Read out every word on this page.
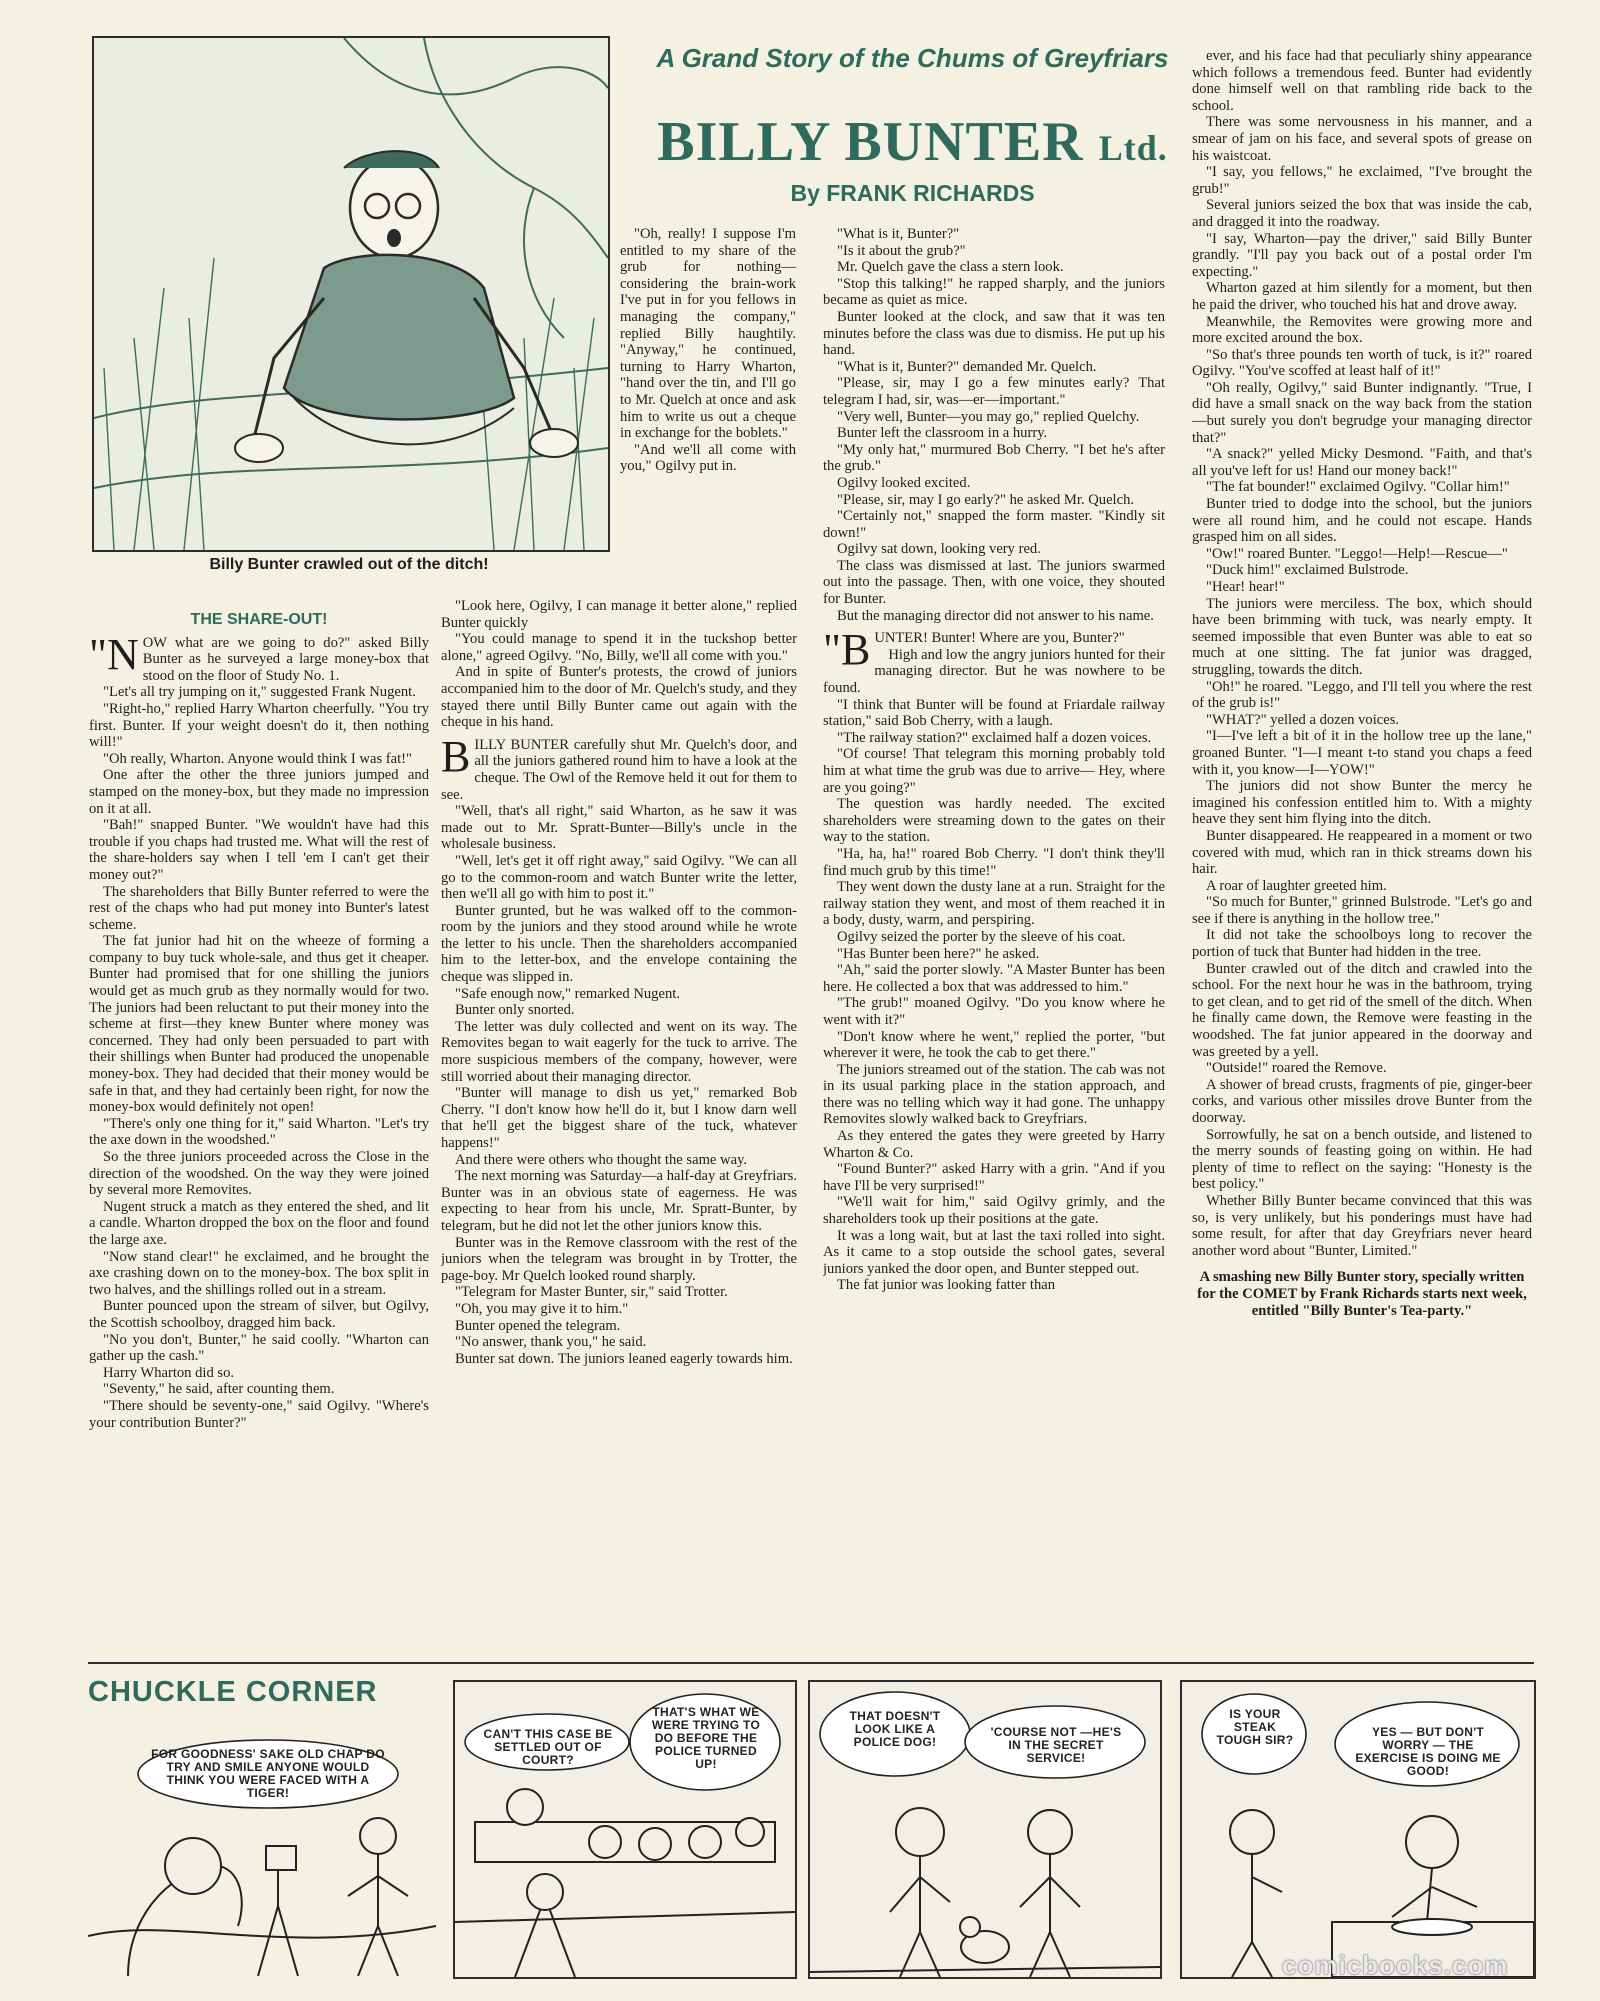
Billy Bunter crawled out of the ditch!
A Grand Story of the Chums of Greyfriars
BILLY BUNTER Ltd.
By FRANK RICHARDS

"Oh, really! I suppose I'm entitled to my share of the grub for nothing—considering the brain-work I've put in for you fellows in managing the company," replied Billy haughtily. "Anyway," he continued, turning to Harry Wharton, "hand over the tin, and I'll go to Mr. Quelch at once and ask him to write us out a cheque in exchange for the boblets."

"And we'll all come with you," Ogilvy put in.

THE SHARE-OUT!

"NOW what are we going to do?" asked Billy Bunter as he surveyed a large money-box that stood on the floor of Study No. 1.

"Let's all try jumping on it," suggested Frank Nugent.

"Right-ho," replied Harry Wharton cheerfully. "You try first. Bunter. If your weight doesn't do it, then nothing will!"

"Oh really, Wharton. Anyone would think I was fat!"

One after the other the three juniors jumped and stamped on the money-box, but they made no impression on it at all.

"Bah!" snapped Bunter. "We wouldn't have had this trouble if you chaps had trusted me. What will the rest of the share-holders say when I tell 'em I can't get their money out?"

The shareholders that Billy Bunter referred to were the rest of the chaps who had put money into Bunter's latest scheme.

The fat junior had hit on the wheeze of forming a company to buy tuck whole-sale, and thus get it cheaper. Bunter had promised that for one shilling the juniors would get as much grub as they normally would for two. The juniors had been reluctant to put their money into the scheme at first—they knew Bunter where money was concerned. They had only been persuaded to part with their shillings when Bunter had produced the unopenable money-box. They had decided that their money would be safe in that, and they had certainly been right, for now the money-box would definitely not open!

"There's only one thing for it," said Wharton. "Let's try the axe down in the woodshed."

So the three juniors proceeded across the Close in the direction of the woodshed. On the way they were joined by several more Removites.

Nugent struck a match as they entered the shed, and lit a candle. Wharton dropped the box on the floor and found the large axe.

"Now stand clear!" he exclaimed, and he brought the axe crashing down on to the money-box. The box split in two halves, and the shillings rolled out in a stream.

Bunter pounced upon the stream of silver, but Ogilvy, the Scottish schoolboy, dragged him back.

"No you don't, Bunter," he said coolly. "Wharton can gather up the cash."

Harry Wharton did so.

"Seventy," he said, after counting them.

"There should be seventy-one," said Ogilvy. "Where's your contribution Bunter?"

"Look here, Ogilvy, I can manage it better alone," replied Bunter quickly

"You could manage to spend it in the tuckshop better alone," agreed Ogilvy. "No, Billy, we'll all come with you."

And in spite of Bunter's protests, the crowd of juniors accompanied him to the door of Mr. Quelch's study, and they stayed there until Billy Bunter came out again with the cheque in his hand.

BILLY BUNTER carefully shut Mr. Quelch's door, and all the juniors gathered round him to have a look at the cheque. The Owl of the Remove held it out for them to see.

"Well, that's all right," said Wharton, as he saw it was made out to Mr. Spratt-Bunter—Billy's uncle in the wholesale business.

"Well, let's get it off right away," said Ogilvy. "We can all go to the common-room and watch Bunter write the letter, then we'll all go with him to post it."

Bunter grunted, but he was walked off to the common-room by the juniors and they stood around while he wrote the letter to his uncle. Then the shareholders accompanied him to the letter-box, and the envelope containing the cheque was slipped in.

"Safe enough now," remarked Nugent.

Bunter only snorted.

The letter was duly collected and went on its way. The Removites began to wait eagerly for the tuck to arrive. The more suspicious members of the company, however, were still worried about their managing director.

"Bunter will manage to dish us yet," remarked Bob Cherry. "I don't know how he'll do it, but I know darn well that he'll get the biggest share of the tuck, whatever happens!"

And there were others who thought the same way.

The next morning was Saturday—a half-day at Greyfriars. Bunter was in an obvious state of eagerness. He was expecting to hear from his uncle, Mr. Spratt-Bunter, by telegram, but he did not let the other juniors know this.

Bunter was in the Remove classroom with the rest of the juniors when the telegram was brought in by Trotter, the page-boy. Mr Quelch looked round sharply.

"Telegram for Master Bunter, sir," said Trotter.

"Oh, you may give it to him."

Bunter opened the telegram.

"No answer, thank you," he said.

Bunter sat down. The juniors leaned eagerly towards him.

"What is it, Bunter?"

"Is it about the grub?"

Mr. Quelch gave the class a stern look.

"Stop this talking!" he rapped sharply, and the juniors became as quiet as mice.

Bunter looked at the clock, and saw that it was ten minutes before the class was due to dismiss. He put up his hand.

"What is it, Bunter?" demanded Mr. Quelch.

"Please, sir, may I go a few minutes early? That telegram I had, sir, was—er—important."

"Very well, Bunter—you may go," replied Quelchy.

Bunter left the classroom in a hurry.

"My only hat," murmured Bob Cherry. "I bet he's after the grub."

Ogilvy looked excited.

"Please, sir, may I go early?" he asked Mr. Quelch.

"Certainly not," snapped the form master. "Kindly sit down!"

Ogilvy sat down, looking very red.

The class was dismissed at last. The juniors swarmed out into the passage. Then, with one voice, they shouted for Bunter.

But the managing director did not answer to his name.

"BUNTER! Bunter! Where are you, Bunter?"

High and low the angry juniors hunted for their managing director. But he was nowhere to be found.

"I think that Bunter will be found at Friardale railway station," said Bob Cherry, with a laugh.

"The railway station?" exclaimed half a dozen voices.

"Of course! That telegram this morning probably told him at what time the grub was due to arrive— Hey, where are you going?"

The question was hardly needed. The excited shareholders were streaming down to the gates on their way to the station.

"Ha, ha, ha!" roared Bob Cherry. "I don't think they'll find much grub by this time!"

They went down the dusty lane at a run. Straight for the railway station they went, and most of them reached it in a body, dusty, warm, and perspiring.

Ogilvy seized the porter by the sleeve of his coat.

"Has Bunter been here?" he asked.

"Ah," said the porter slowly. "A Master Bunter has been here. He collected a box that was addressed to him."

"The grub!" moaned Ogilvy. "Do you know where he went with it?"

"Don't know where he went," replied the porter, "but wherever it were, he took the cab to get there."

The juniors streamed out of the station. The cab was not in its usual parking place in the station approach, and there was no telling which way it had gone. The unhappy Removites slowly walked back to Greyfriars.

As they entered the gates they were greeted by Harry Wharton & Co.

"Found Bunter?" asked Harry with a grin. "And if you have I'll be very surprised!"

"We'll wait for him," said Ogilvy grimly, and the shareholders took up their positions at the gate.

It was a long wait, but at last the taxi rolled into sight. As it came to a stop outside the school gates, several juniors yanked the door open, and Bunter stepped out.

The fat junior was looking fatter than

ever, and his face had that peculiarly shiny appearance which follows a tremendous feed. Bunter had evidently done himself well on that rambling ride back to the school.

There was some nervousness in his manner, and a smear of jam on his face, and several spots of grease on his waistcoat.

"I say, you fellows," he exclaimed, "I've brought the grub!"

Several juniors seized the box that was inside the cab, and dragged it into the roadway.

"I say, Wharton—pay the driver," said Billy Bunter grandly. "I'll pay you back out of a postal order I'm expecting."

Wharton gazed at him silently for a moment, but then he paid the driver, who touched his hat and drove away.

Meanwhile, the Removites were growing more and more excited around the box.

"So that's three pounds ten worth of tuck, is it?" roared Ogilvy. "You've scoffed at least half of it!"

"Oh really, Ogilvy," said Bunter indignantly. "True, I did have a small snack on the way back from the station—but surely you don't begrudge your managing director that?"

"A snack?" yelled Micky Desmond. "Faith, and that's all you've left for us! Hand our money back!"

"The fat bounder!" exclaimed Ogilvy. "Collar him!"

Bunter tried to dodge into the school, but the juniors were all round him, and he could not escape. Hands grasped him on all sides.

"Ow!" roared Bunter. "Leggo!—Help!—Rescue—"

"Duck him!" exclaimed Bulstrode.

"Hear! hear!"

The juniors were merciless. The box, which should have been brimming with tuck, was nearly empty. It seemed impossible that even Bunter was able to eat so much at one sitting. The fat junior was dragged, struggling, towards the ditch.

"Oh!" he roared. "Leggo, and I'll tell you where the rest of the grub is!"

"WHAT?" yelled a dozen voices.

"I—I've left a bit of it in the hollow tree up the lane," groaned Bunter. "I—I meant t-to stand you chaps a feed with it, you know—I—YOW!"

The juniors did not show Bunter the mercy he imagined his confession entitled him to. With a mighty heave they sent him flying into the ditch.

Bunter disappeared. He reappeared in a moment or two covered with mud, which ran in thick streams down his hair.

A roar of laughter greeted him.

"So much for Bunter," grinned Bulstrode. "Let's go and see if there is anything in the hollow tree."

It did not take the schoolboys long to recover the portion of tuck that Bunter had hidden in the tree.

Bunter crawled out of the ditch and crawled into the school. For the next hour he was in the bathroom, trying to get clean, and to get rid of the smell of the ditch. When he finally came down, the Remove were feasting in the woodshed. The fat junior appeared in the doorway and was greeted by a yell.

"Outside!" roared the Remove.

A shower of bread crusts, fragments of pie, ginger-beer corks, and various other missiles drove Bunter from the doorway.

Sorrowfully, he sat on a bench outside, and listened to the merry sounds of feasting going on within. He had plenty of time to reflect on the saying: "Honesty is the best policy."

Whether Billy Bunter became convinced that this was so, is very unlikely, but his ponderings must have had some result, for after that day Greyfriars never heard another word about "Bunter, Limited."

A smashing new Billy Bunter story, specially written for the COMET by Frank Richards starts next week, entitled "Billy Bunter's Tea-party."

CHUCKLE CORNER
FOR GOODNESS' SAKE OLD CHAP DO TRY AND SMILE ANYONE WOULD THINK YOU WERE FACED WITH A TIGER!
CAN'T THIS CASE BE SETTLED OUT OF COURT?
THAT'S WHAT WE WERE TRYING TO DO BEFORE THE POLICE TURNED UP!
THAT DOESN'T LOOK LIKE A POLICE DOG!
'COURSE NOT —HE'S IN THE SECRET SERVICE!
IS YOUR STEAK TOUGH SIR?
YES — BUT DON'T WORRY — THE EXERCISE IS DOING ME GOOD!
comicbooks.com
